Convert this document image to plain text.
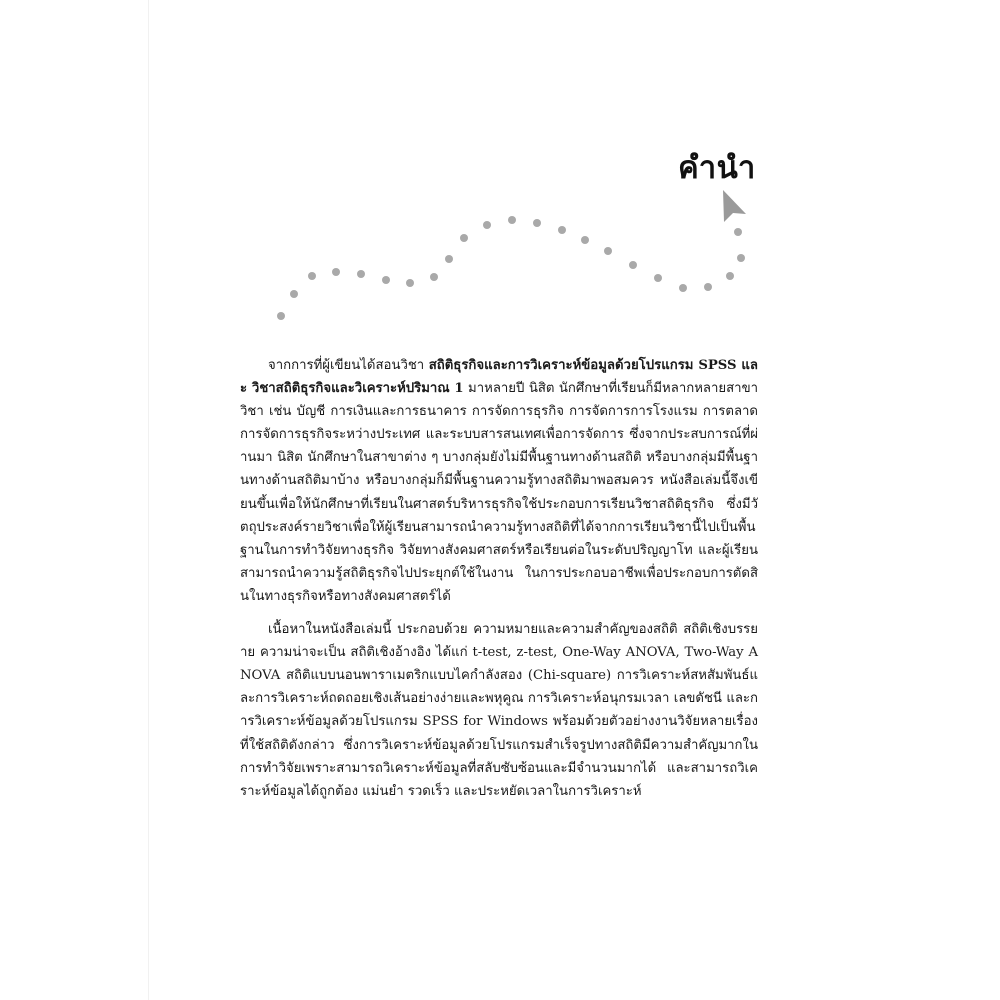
คำนำ

จากการที่ผู้เขียนได้สอนวิชา สถิติธุรกิจและการวิเคราะห์ข้อมูลด้วยโปรแกรม SPSS และ วิชาสถิติธุรกิจและวิเคราะห์ปริมาณ 1 มาหลายปี นิสิต นักศึกษาที่เรียนก็มีหลากหลายสาขาวิชา เช่น บัญชี การเงินและการธนาคาร การจัดการธุรกิจ การจัดการการโรงแรม การตลาด การจัดการธุรกิจระหว่างประเทศ และระบบสารสนเทศเพื่อการจัดการ ซึ่งจากประสบการณ์ที่ผ่านมา นิสิต นักศึกษาในสาขาต่าง ๆ บางกลุ่มยังไม่มีพื้นฐานทางด้านสถิติ หรือบางกลุ่มมีพื้นฐานทางด้านสถิติมาบ้าง หรือบางกลุ่มก็มีพื้นฐานความรู้ทางสถิติมาพอสมควร หนังสือเล่มนี้จึงเขียนขึ้นเพื่อให้นักศึกษาที่เรียนในศาสตร์บริหารธุรกิจใช้ประกอบการเรียนวิชาสถิติธุรกิจ ซึ่งมีวัตถุประสงค์รายวิชาเพื่อให้ผู้เรียนสามารถนำความรู้ทางสถิติที่ได้จากการเรียนวิชานี้ไปเป็นพื้นฐานในการทำวิจัยทางธุรกิจ วิจัยทางสังคมศาสตร์หรือเรียนต่อในระดับปริญญาโท และผู้เรียนสามารถนำความรู้สถิติธุรกิจไปประยุกต์ใช้ในงาน ในการประกอบอาชีพเพื่อประกอบการตัดสินในทางธุรกิจหรือทางสังคมศาสตร์ได้

เนื้อหาในหนังสือเล่มนี้ ประกอบด้วย ความหมายและความสำคัญของสถิติ สถิติเชิงบรรยาย ความน่าจะเป็น สถิติเชิงอ้างอิง ได้แก่ t-test, z-test, One-Way ANOVA, Two-Way ANOVA สถิติแบบนอนพาราเมตริกแบบไคกำลังสอง (Chi-square) การวิเคราะห์สหสัมพันธ์และการวิเคราะห์ถดถอยเชิงเส้นอย่างง่ายและพหุคูณ การวิเคราะห์อนุกรมเวลา เลขดัชนี และการวิเคราะห์ข้อมูลด้วยโปรแกรม SPSS for Windows พร้อมด้วยตัวอย่างงานวิจัยหลายเรื่องที่ใช้สถิติดังกล่าว ซึ่งการวิเคราะห์ข้อมูลด้วยโปรแกรมสำเร็จรูปทางสถิติมีความสำคัญมากในการทำวิจัยเพราะสามารถวิเคราะห์ข้อมูลที่สลับซับซ้อนและมีจำนวนมากได้ และสามารถวิเคราะห์ข้อมูลได้ถูกต้อง แม่นยำ รวดเร็ว และประหยัดเวลาในการวิเคราะห์
